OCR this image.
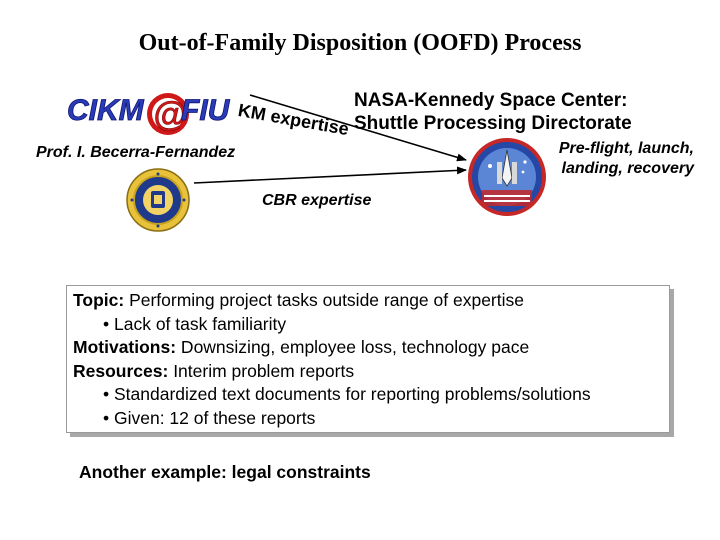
Out-of-Family Disposition (OOFD) Process
CIKM @
FIU KM expertise NASA-Kennedy Space Center:
Shuttle Processing Directorate
Pre-flight, launch,
landing, recovery
Prof. I. Becerra-Fernandez
CBR expertise
Topic: Performing project tasks outside range of expertise
• Lack of task familiarity
Motivations: Downsizing, employee loss, technology pace
Resources: Interim problem reports
• Standardized text documents for reporting problems/solutions
• Given: 12 of these reports
Another example: legal constraints
